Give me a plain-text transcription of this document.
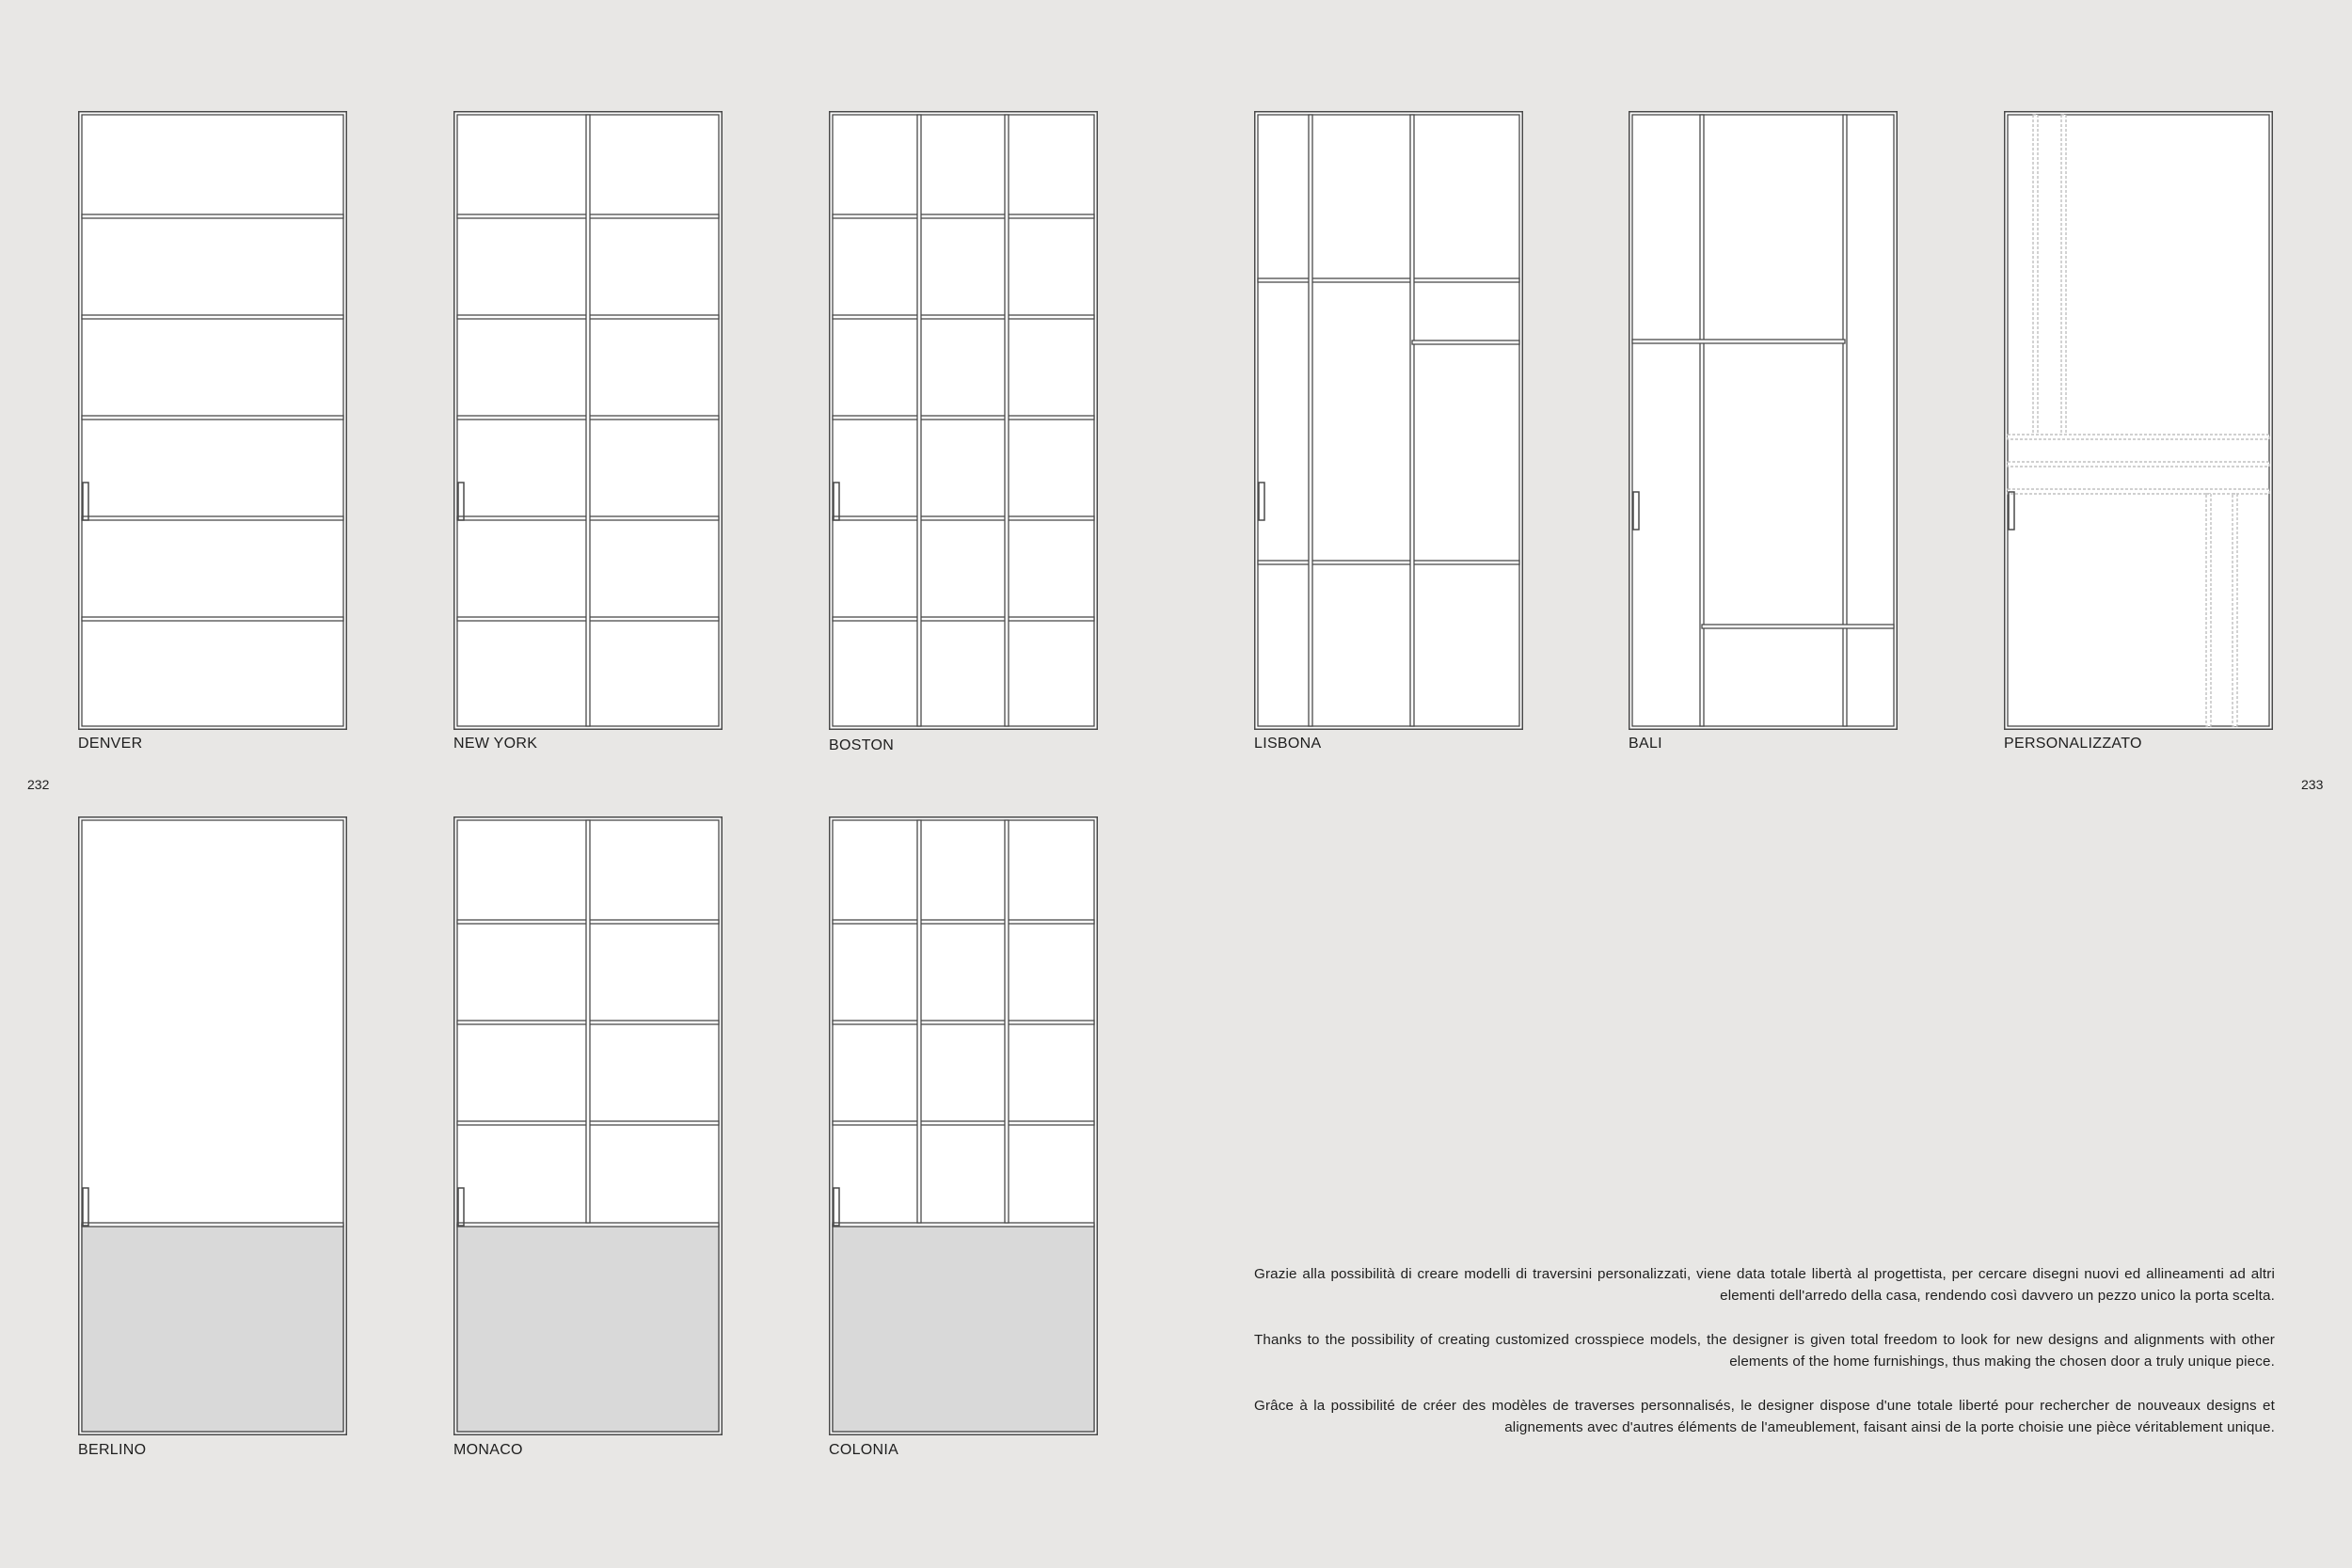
232	233
DENVER	NEW YORK	BOSTON	LISBONA	BALI	PERSONALIZZATO
BERLINO	MONACO	COLONIA

Grazie alla possibilità di creare modelli di traversini personalizzati, viene data totale libertà al progettista, per cercare disegni nuovi ed allineamenti ad altri elementi dell'arredo della casa, rendendo così davvero un pezzo unico la porta scelta.

Thanks to the possibility of creating customized crosspiece models, the designer is given total freedom to look for new designs and alignments with other elements of the home furnishings, thus making the chosen door a truly unique piece.

Grâce à la possibilité de créer des modèles de traverses personnalisés, le designer dispose d'une totale liberté pour rechercher de nouveaux designs et alignements avec d'autres éléments de l'ameublement, faisant ainsi de la porte choisie une pièce véritablement unique.
